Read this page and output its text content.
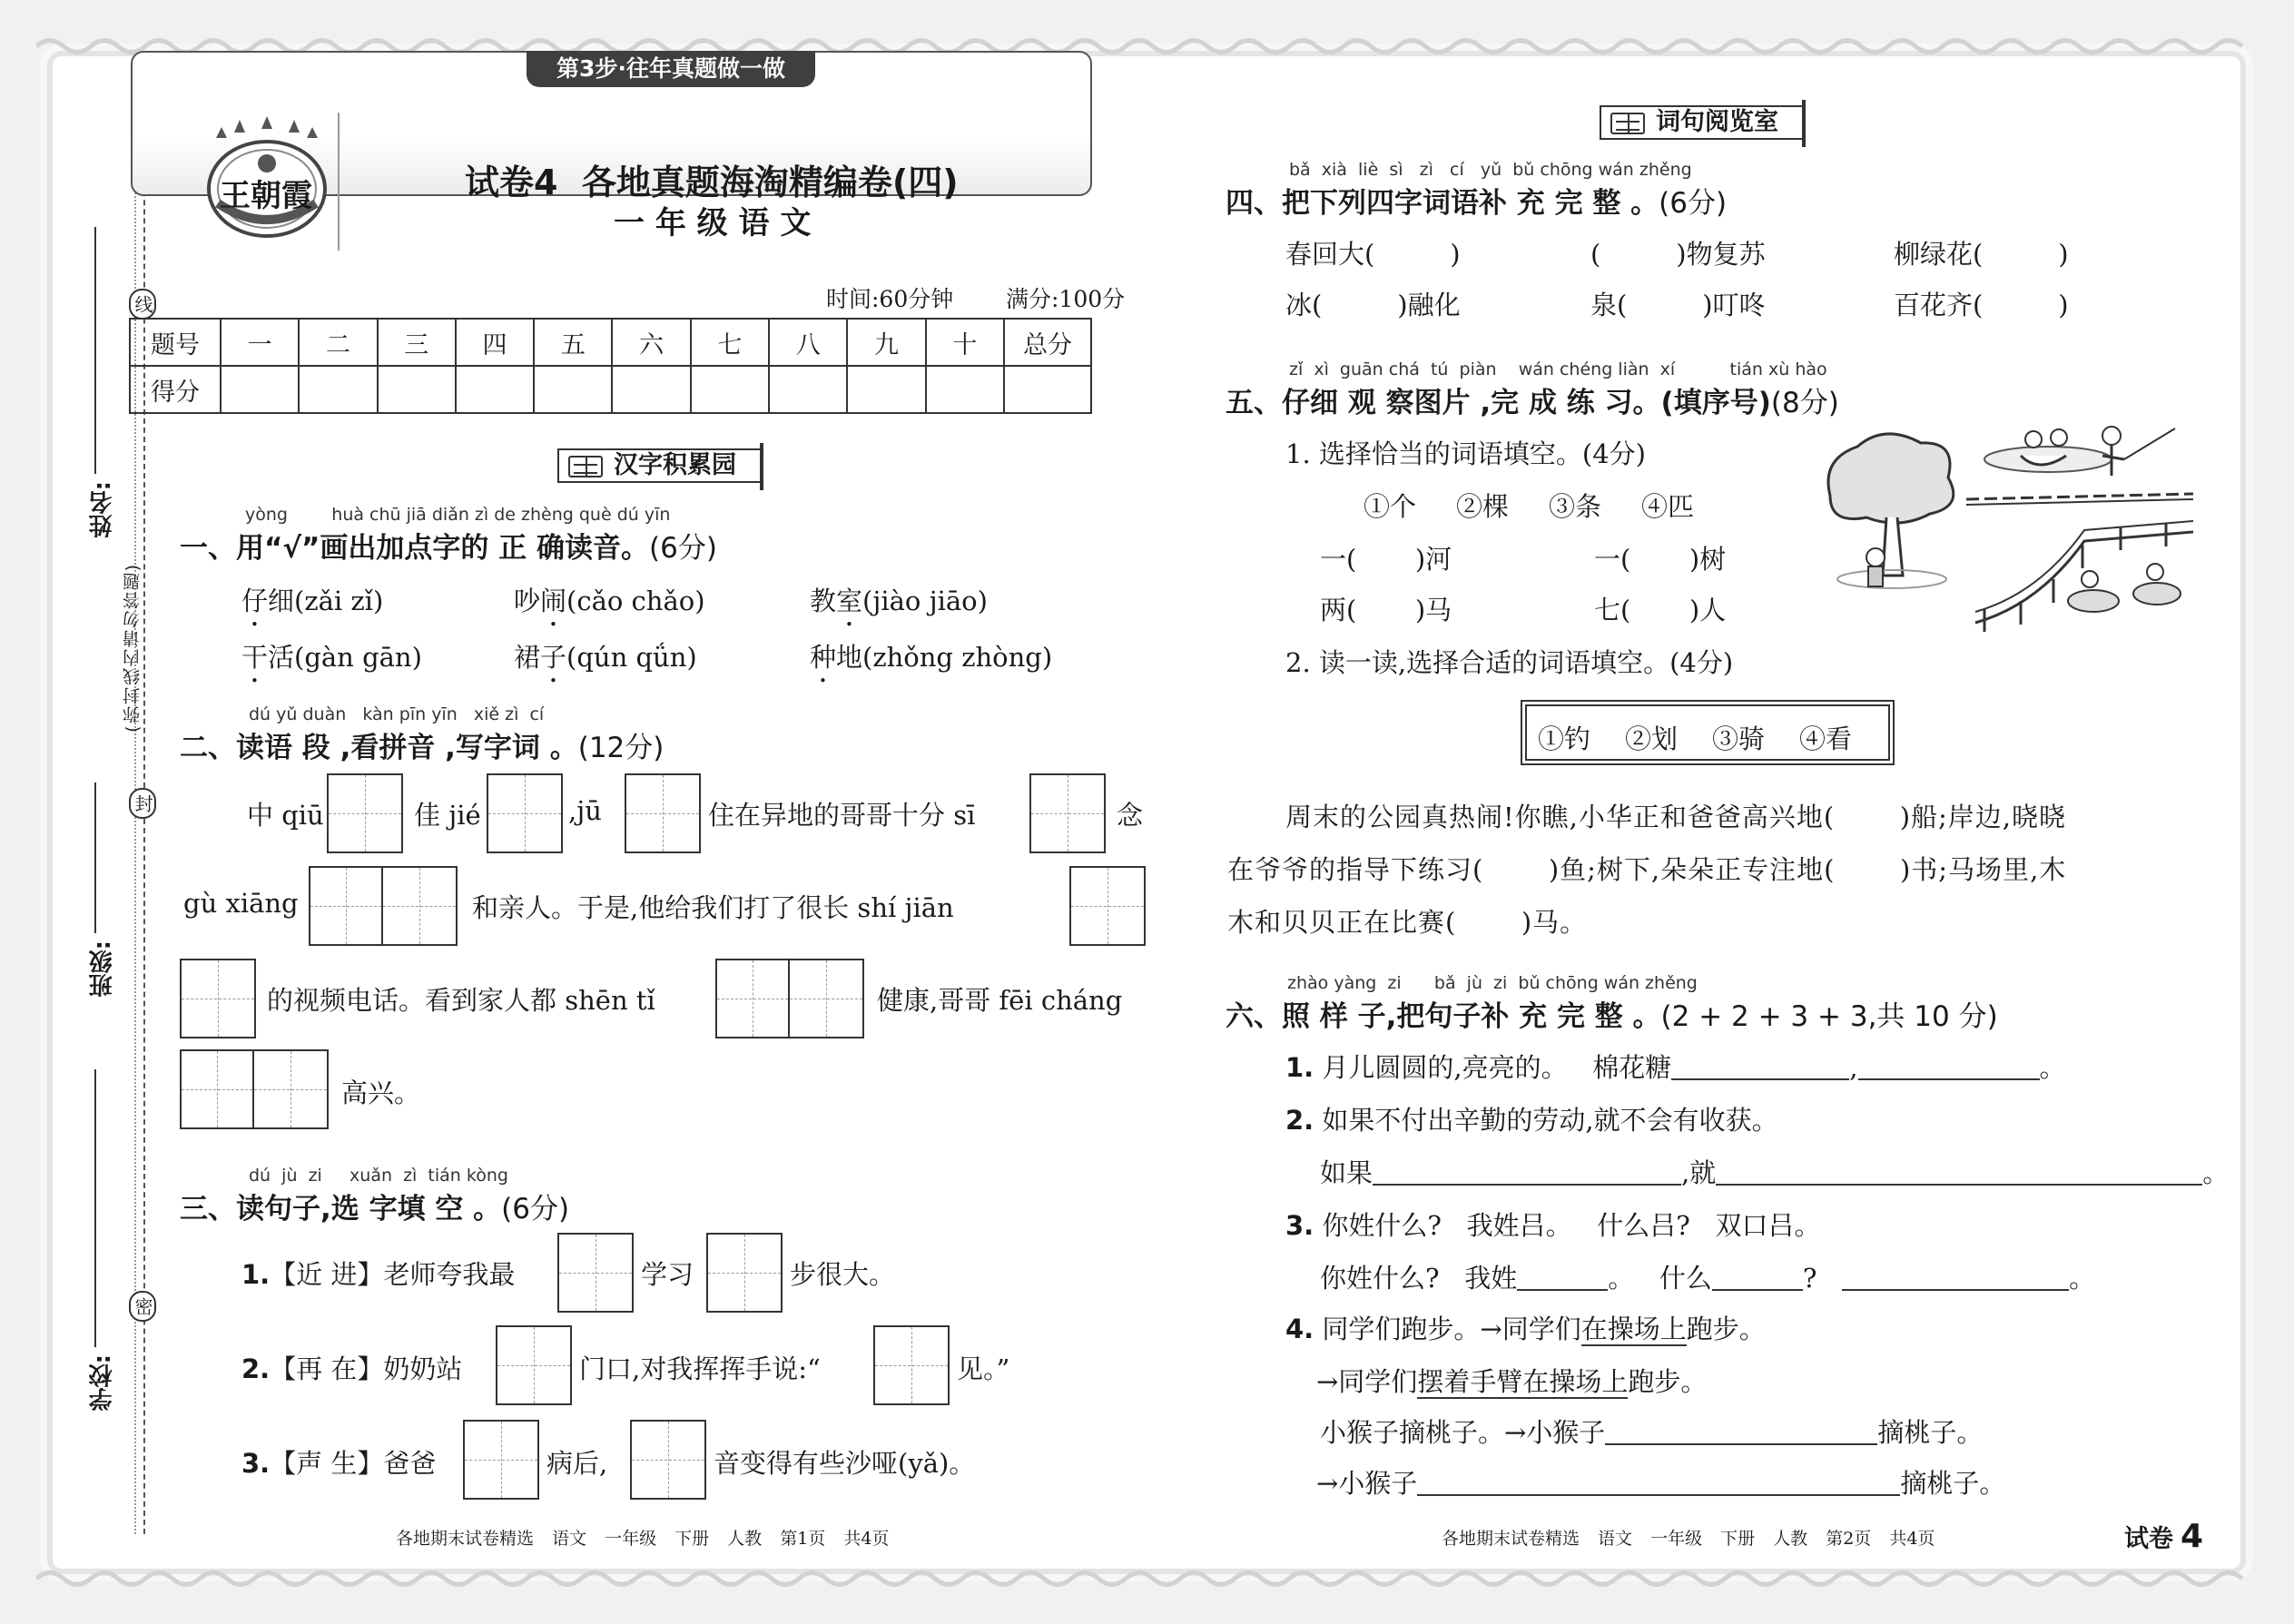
线
封
密
姓名:
班级:
学校:
(弥封线内请勿答题)
第3步·往年真题做一做
王朝霞	试卷4  各地真题海淘精编卷(四)
一 年 级 语 文
时间:60分钟 满分:100分
题号	一	二	三	四	五	六	七	八	九	十	总分
得分											
汉字积累园
yòng        huà chū jiā diǎn zì de zhèng què dú yīn
一、用“√”画出加点字的 正 确读音。(6分)
仔细(zǎi zǐ)	吵闹(cǎo chǎo)	教室(jiào jiāo)
干活(gàn gān)	裙子(qún qǘn)	种地(zhǒng zhòng)
dú yǔ duàn   kàn pīn yīn   xiě zì  cí
二、读语 段 ,看拼音 ,写字词 。(12分)
中 qiū	佳 jié	,jū	住在异地的哥哥十分 sī	念
gù xiāng	和亲人。于是,他给我们打了很长 shí jiān
的视频电话。看到家人都 shēn tǐ	健康,哥哥 fēi cháng
高兴。
dú  jù  zi     xuǎn  zì  tián kòng
三、读句子,选 字填 空 。(6分)
1.【近 进】老师夸我最	学习	步很大。
2.【再 在】奶奶站	门口,对我挥挥手说:“	见。”
3.【声 生】爸爸	病后,	音变得有些沙哑(yǎ)。
各地期末试卷精选 语文 一年级 下册 人教 第1页 共4页
词句阅览室
bǎ  xià  liè  sì   zì   cí   yǔ  bǔ chōng wán zhěng
四、把下列四字词语补 充 完 整 。(6分)
春回大(         )	(         )物复苏	柳绿花(         )
冰(         )融化	泉(         )叮咚	百花齐(         )
zǐ  xì  guān chá  tú  piàn    wán chéng liàn  xí          tián xù hào
五、仔细 观 察图片 ,完 成 练 习。(填序号)(8分)
1. 选择恰当的词语填空。(4分)
①个 ②棵 ③条 ④匹
一(       )河	一(       )树
两(       )马	七(       )人
2. 读一读,选择合适的词语填空。(4分)
①钓 ②划 ③骑 ④看
周末的公园真热闹!你瞧,小华正和爸爸高兴地(       )船;岸边,晓晓
在爷爷的指导下练习(       )鱼;树下,朵朵正专注地(       )书;马场里,木
木和贝贝正在比赛(       )马。
zhào yàng  zi      bǎ  jù  zi  bǔ chōng wán zhěng
六、照 样 子,把句子补 充 完 整 。(2 + 2 + 3 + 3,共 10 分)
1. 月儿圆圆的,亮亮的。   棉花糖	,	。
2. 如果不付出辛勤的劳动,就不会有收获。
如果	,就	。
3. 你姓什么?   我姓吕。   什么吕?   双口吕。
你姓什么?   我姓	。   什么	?	。
4. 同学们跑步。→同学们在操场上跑步。
→同学们摆着手臂在操场上跑步。
小猴子摘桃子。→小猴子	摘桃子。
→小猴子	摘桃子。
各地期末试卷精选 语文 一年级 下册 人教 第2页 共4页	试卷 4
